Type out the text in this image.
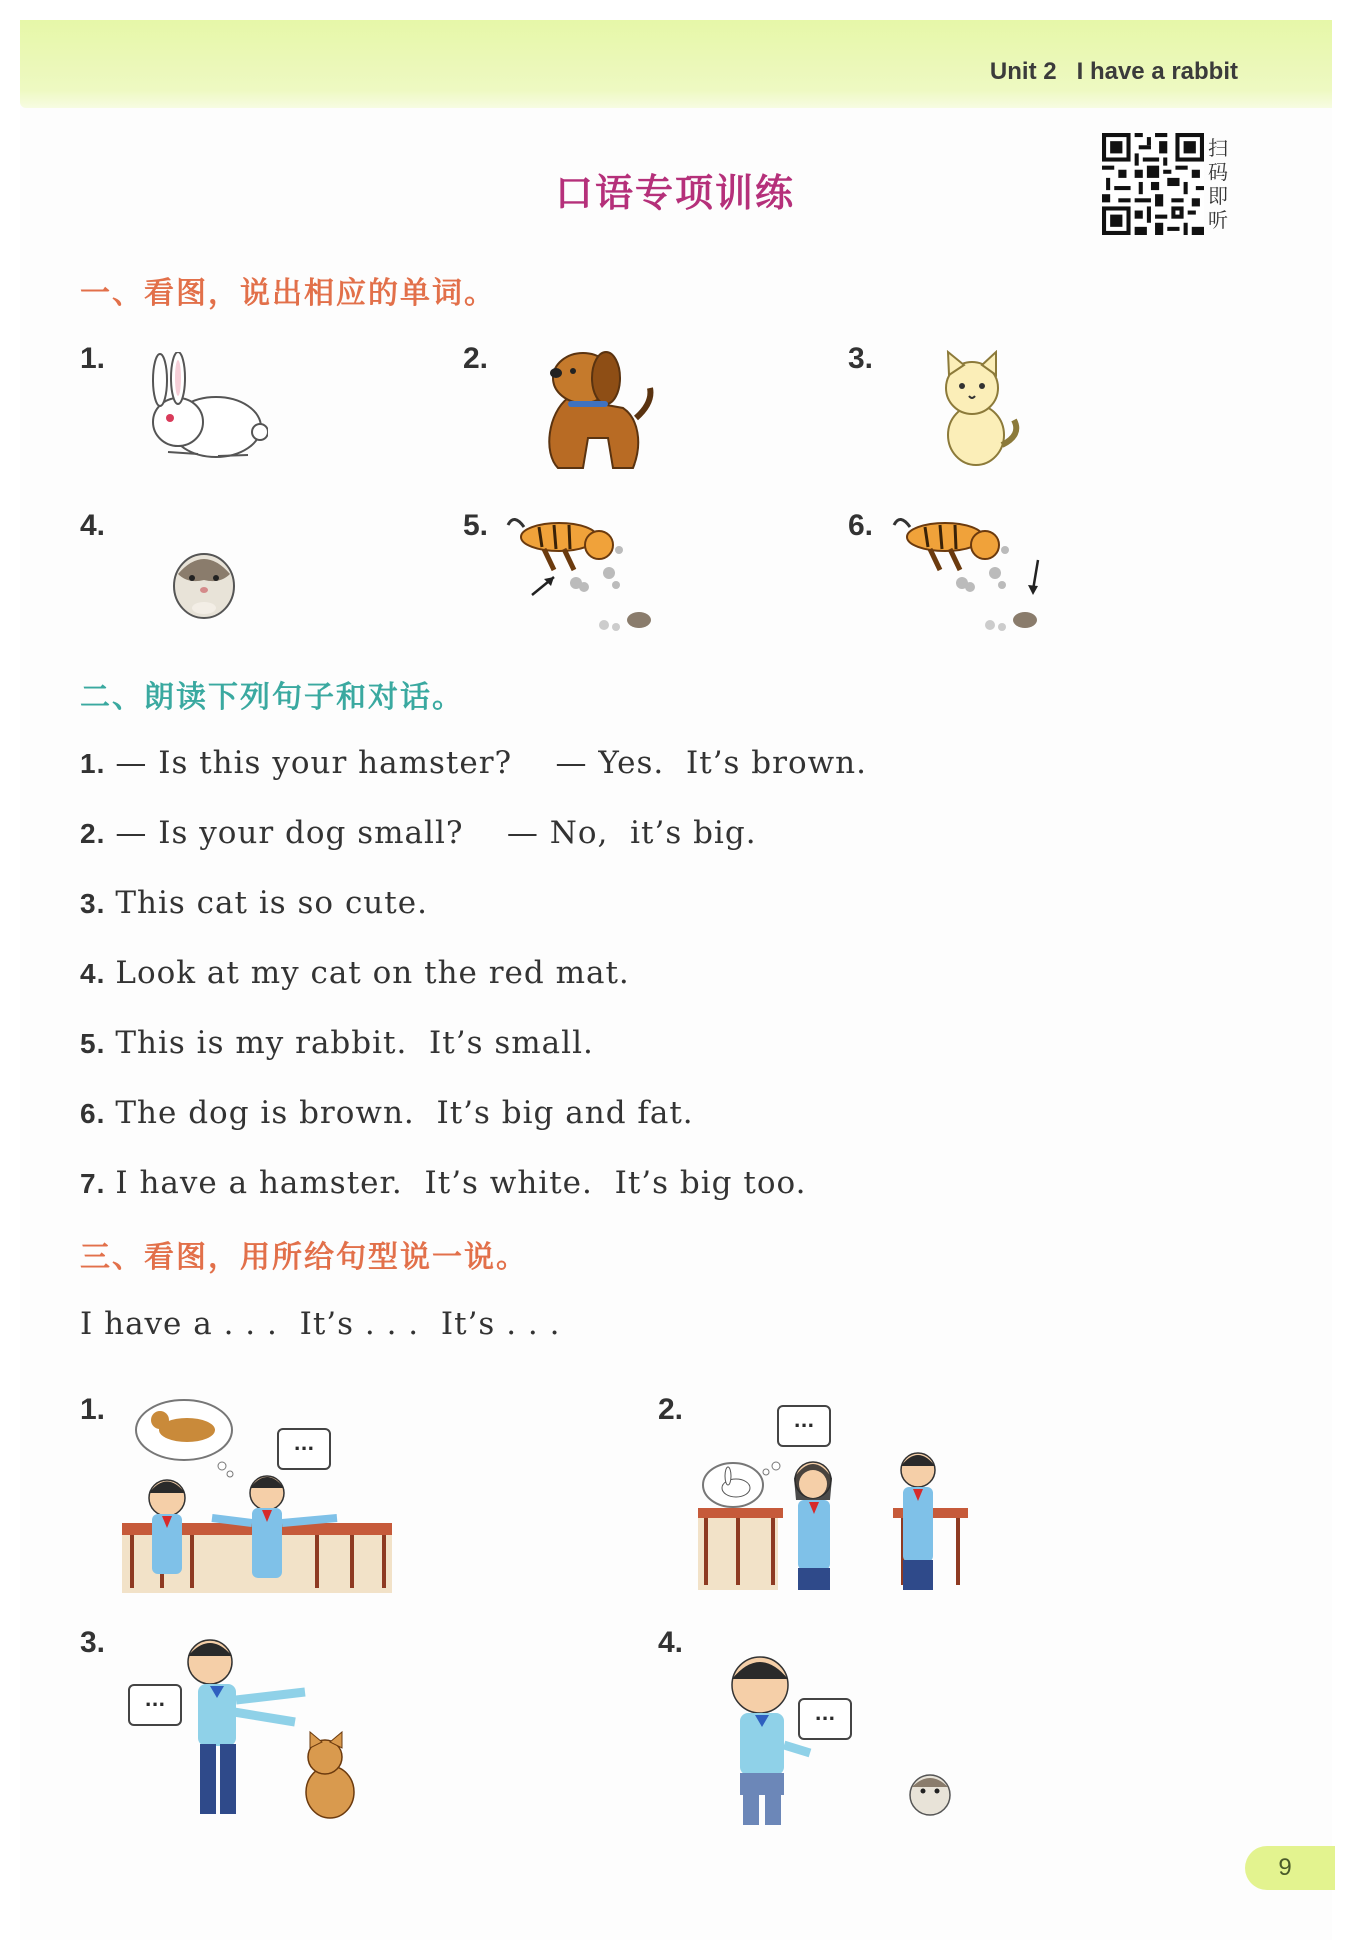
Unit 2 I have a rabbit
口语专项训练
扫
码
即
听
一、看图，说出相应的单词。
1.	2.	3.
4.	5.	6.
二、朗读下列句子和对话。
1. — Is this your hamster?    — Yes.  It’s brown.
2. — Is your dog small?    — No,  it’s big.
3. This cat is so cute.
4. Look at my cat on the red mat.
5. This is my rabbit.  It’s small.
6. The dog is brown.  It’s big and fat.
7. I have a hamster.  It’s white.  It’s big too.
三、看图，用所给句型说一说。
I have a . . .  It’s . . .  It’s . . .
1.
...
2.	...
3.
...
4.
...
9
